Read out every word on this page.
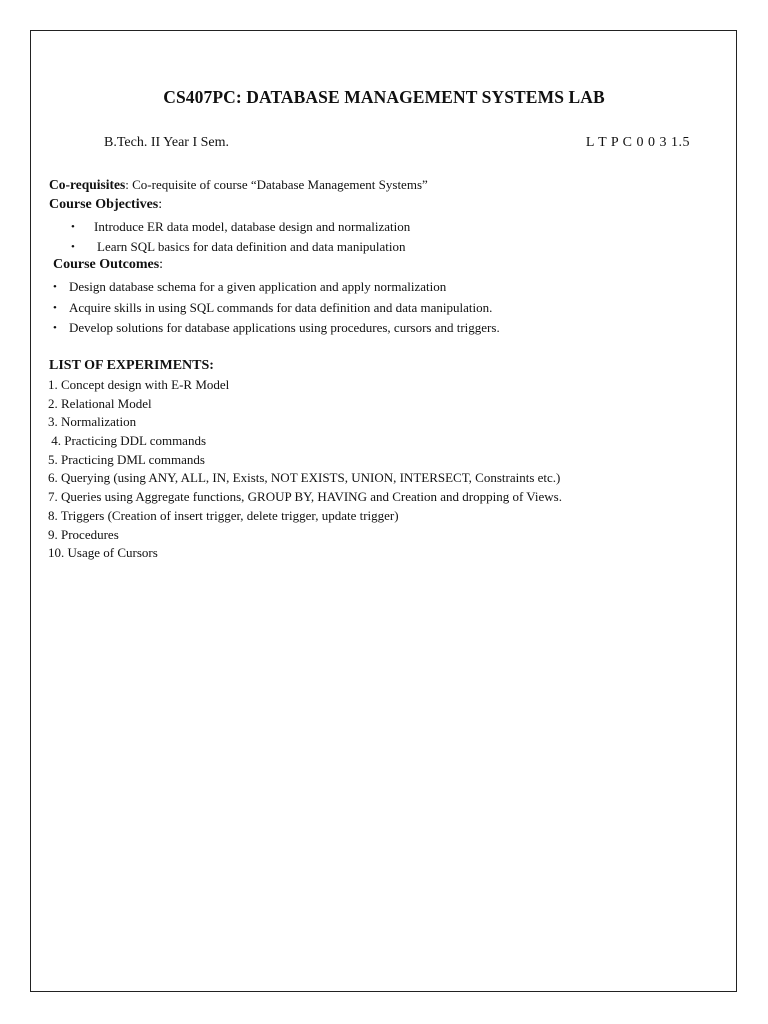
CS407PC: DATABASE MANAGEMENT SYSTEMS LAB
B.Tech. II Year I Sem.	L T P C 0 0 3 1.5
Co-requisites: Co-requisite of course “Database Management Systems”
Course Objectives:
• Introduce ER data model, database design and normalization
• Learn SQL basics for data definition and data manipulation
Course Outcomes:
• Design database schema for a given application and apply normalization
• Acquire skills in using SQL commands for data definition and data manipulation.
• Develop solutions for database applications using procedures, cursors and triggers.
LIST OF EXPERIMENTS:
1. Concept design with E-R Model
2. Relational Model
3. Normalization
4. Practicing DDL commands
5. Practicing DML commands
6. Querying (using ANY, ALL, IN, Exists, NOT EXISTS, UNION, INTERSECT, Constraints etc.)
7. Queries using Aggregate functions, GROUP BY, HAVING and Creation and dropping of Views.
8. Triggers (Creation of insert trigger, delete trigger, update trigger)
9. Procedures
10. Usage of Cursors
